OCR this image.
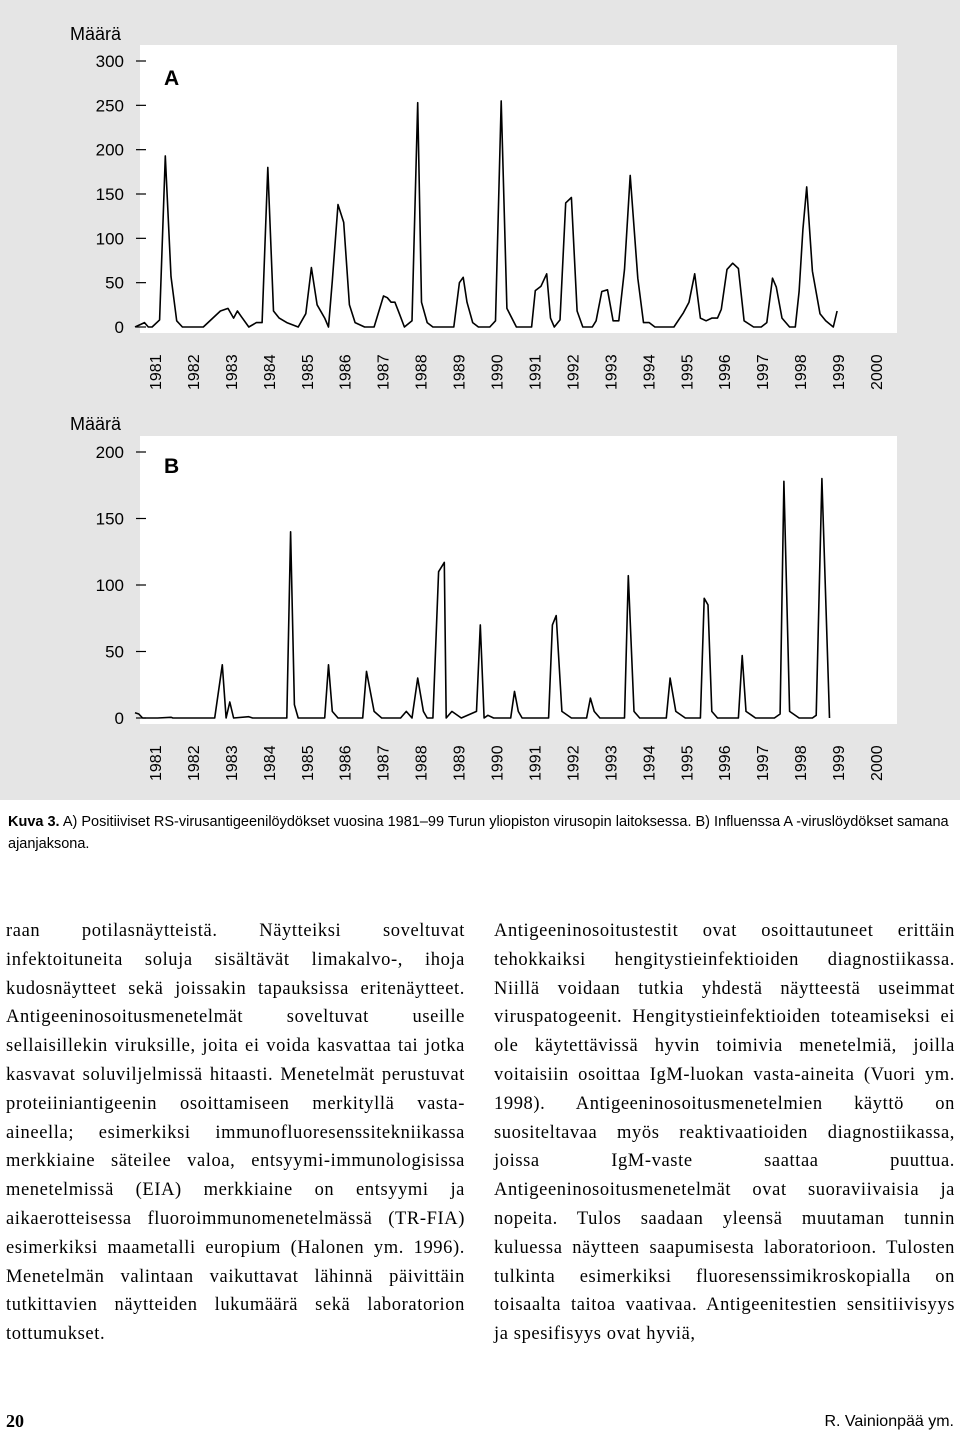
Määrä
0
50
100
150
200
250
300
A
1981 1982 1983 1984 1985 1986 1987 1988 1989 1990 1991 1992 1993 1994 1995 1996 1997 1998 1999 2000
Määrä
0
50
100
150
200
B
1981 1982 1983 1984 1985 1986 1987 1988 1989 1990 1991 1992 1993 1994 1995 1996 1997 1998 1999 2000
Kuva 3. A) Positiiviset RS-virusantigeenilöydökset vuosina 1981–99 Turun yliopiston virusopin laitoksessa. B) Influenssa A -viruslöydökset samana ajanjaksona.
raan potilasnäytteistä. Näytteiksi soveltuvat infektoituneita soluja sisältävät limakalvo-, ihoja kudosnäytteet sekä joissakin tapauksissa eritenäytteet. Antigeeninosoitusmenetelmät soveltuvat useille sellaisillekin viruksille, joita ei voida kasvattaa tai jotka kasvavat soluviljelmissä hitaasti. Menetelmät perustuvat proteiiniantigeenin osoittamiseen merkityllä vasta-aineella; esimerkiksi immunofluoresenssitekniikassa merkkiaine säteilee valoa, entsyymi-immunologisissa menetelmissä (EIA) merkkiaine on entsyymi ja aikaerotteisessa fluoroimmunomenetelmässä (TR-FIA) esimerkiksi maametalli europium (Halonen ym. 1996). Menetelmän valintaan vaikuttavat lähinnä päivittäin tutkittavien näytteiden lukumäärä sekä laboratorion tottumukset.
Antigeeninosoitustestit ovat osoittautuneet erittäin tehokkaiksi hengitystieinfektioiden diagnostiikassa. Niillä voidaan tutkia yhdestä näytteestä useimmat viruspatogeenit. Hengitystieinfektioiden toteamiseksi ei ole käytettävissä hyvin toimivia menetelmiä, joilla voitaisiin osoittaa IgM-luokan vasta-aineita (Vuori ym. 1998). Antigeeninosoitusmenetelmien käyttö on suositeltavaa myös reaktivaatioiden diagnostiikassa, joissa IgM-vaste saattaa puuttua. Antigeeninosoitusmenetelmät ovat suoraviivaisia ja nopeita. Tulos saadaan yleensä muutaman tunnin kuluessa näytteen saapumisesta laboratorioon. Tulosten tulkinta esimerkiksi fluoresenssimikroskopialla on toisaalta taitoa vaativaa. Antigeenitestien sensitiivisyys ja spesifisyys ovat hyviä,
20	R. Vainionpää ym.
